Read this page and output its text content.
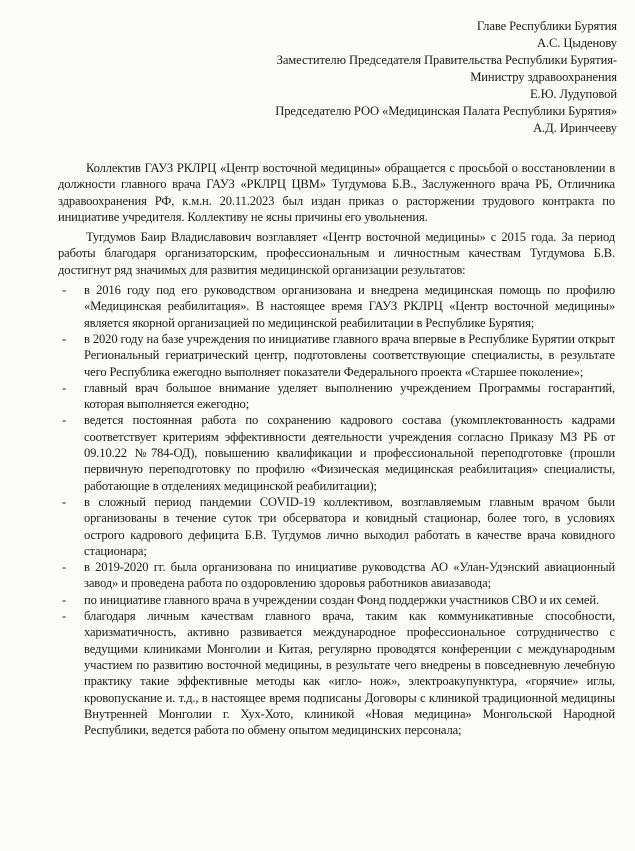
Главе Республики Бурятия
А.С. Цыденову
Заместителю Председателя Правительства Республики Бурятия-
Министру здравоохранения
Е.Ю. Лудуповой
Председателю РОО «Медицинская Палата Республики Бурятия»
А.Д. Иринчееву

Коллектив ГАУЗ РКЛРЦ «Центр восточной медицины» обращается с просьбой о восстановлении в должности главного врача ГАУЗ «РКЛРЦ ЦВМ» Тугдумова Б.В., Заслуженного врача РБ, Отличника здравоохранения РФ, к.м.н. 20.11.2023 был издан приказ о расторжении трудового контракта по инициативе учредителя. Коллективу не ясны причины его увольнения.

Тугдумов Баир Владиславович возглавляет «Центр восточной медицины» с 2015 года. За период работы благодаря организаторским, профессиональным и личностным качествам Тугдумова Б.В. достигнут ряд значимых для развития медицинской организации результатов:

- в 2016 году под его руководством организована и внедрена медицинская помощь по профилю «Медицинская реабилитация». В настоящее время ГАУЗ РКЛРЦ «Центр восточной медицины» является якорной организацией по медицинской реабилитации в Республике Бурятия;
- в 2020 году на базе учреждения по инициативе главного врача впервые в Республике Бурятии открыт Региональный гериатрический центр, подготовлены соответствующие специалисты, в результате чего Республика ежегодно выполняет показатели Федерального проекта «Старшее поколение»;
- главный врач большое внимание уделяет выполнению учреждением Программы госгарантий, которая выполняется ежегодно;
- ведется постоянная работа по сохранению кадрового состава (укомплектованность кадрами соответствует критериям эффективности деятельности учреждения согласно Приказу МЗ РБ от 09.10.22 №784-ОД), повышению квалификации и профессиональной переподготовке (прошли первичную переподготовку по профилю «Физическая медицинская реабилитация» специалисты, работающие в отделениях медицинской реабилитации);
- в сложный период пандемии COVID-19 коллективом, возглавляемым главным врачом были организованы в течение суток три обсерватора и ковидный стационар, более того, в условиях острого кадрового дефицита Б.В. Тугдумов лично выходил работать в качестве врача ковидного стационара;
- в 2019-2020 гг. была организована по инициативе руководства АО «Улан-Удэнский авиационный завод» и проведена работа по оздоровлению здоровья работников авиазавода;
- по инициативе главного врача в учреждении создан Фонд поддержки участников СВО и их семей.
- благодаря личным качествам главного врача, таким как коммуникативные способности, харизматичность, активно развивается международное профессиональное сотрудничество с ведущими клиниками Монголии и Китая, регулярно проводятся конференции с международным участием по развитию восточной медицины, в результате чего внедрены в повседневную лечебную практику такие эффективные методы как «игло- нож», электроакупунктура, «горячие» иглы, кровопускание и. т.д., в настоящее время подписаны Договоры с клиникой традиционной медицины Внутренней Монголии г. Хух-Хото, клиникой «Новая медицина» Монгольской Народной Республики, ведется работа по обмену опытом медицинских персонала;
